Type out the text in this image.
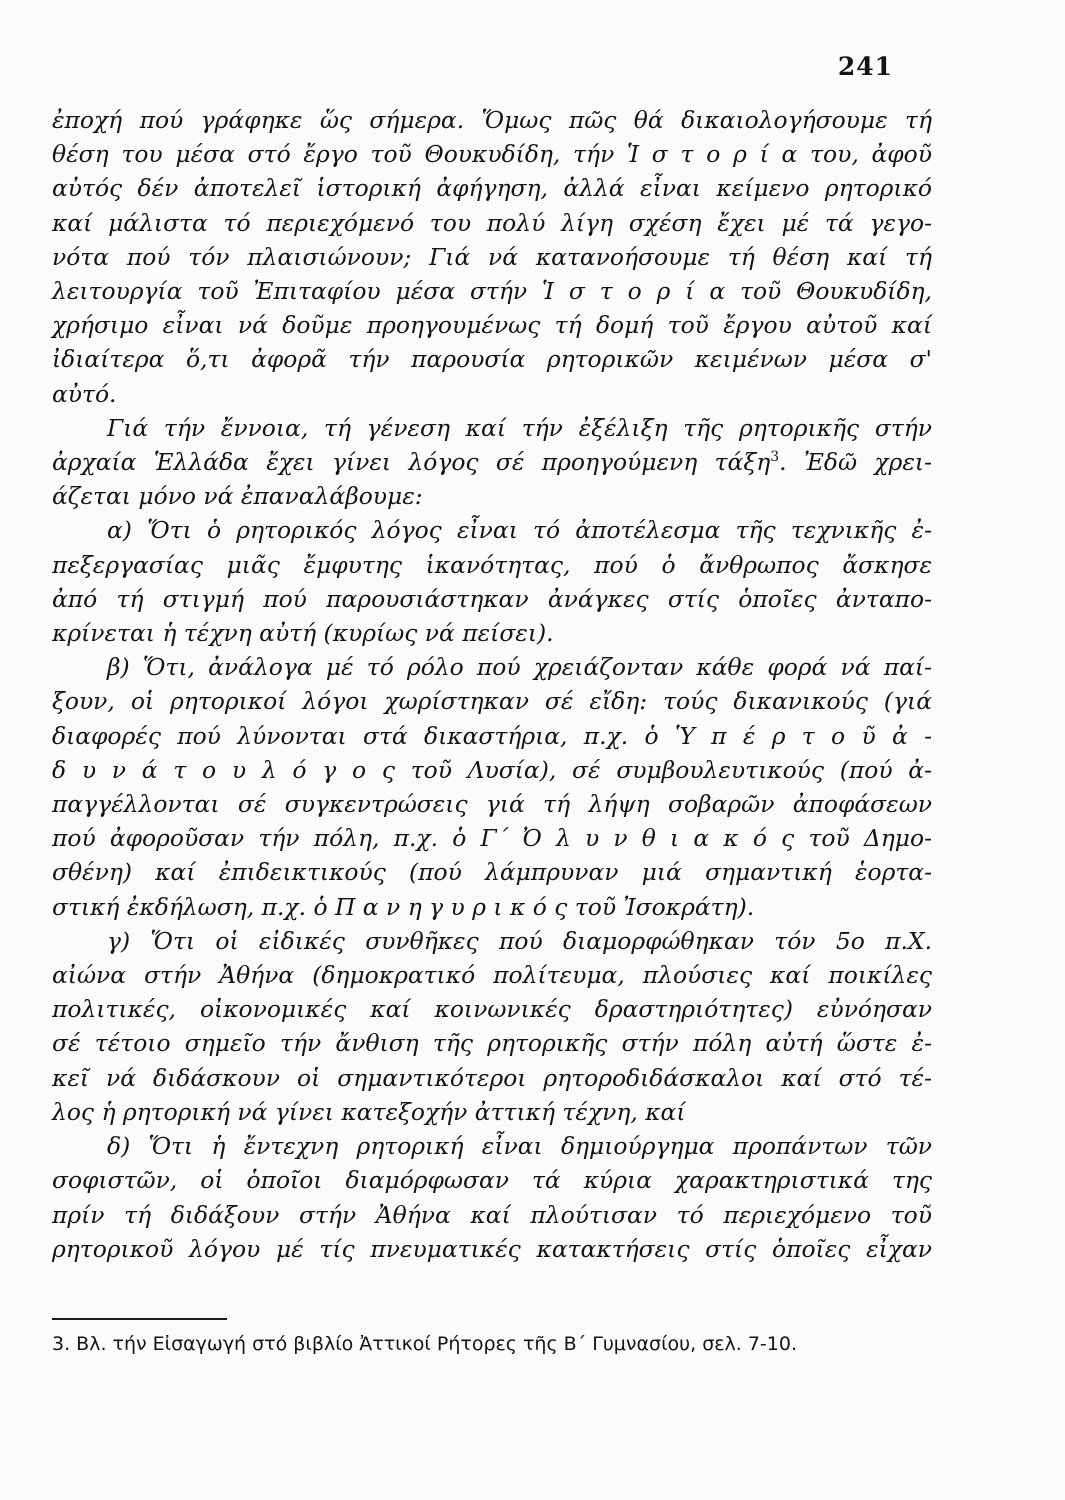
241
ἐποχή πού γράφηκε ὥς σήμερα. Ὅμως πῶς θά δικαιολογήσουμε τή
θέση του μέσα στό ἔργο τοῦ Θουκυδίδη, τήν Ἱ σ τ ο ρ ί α του, ἀφοῦ
αὐτός δέν ἀποτελεῖ ἱστορική ἀφήγηση, ἀλλά εἶναι κείμενο ρητορικό
καί μάλιστα τό περιεχόμενό του πολύ λίγη σχέση ἔχει μέ τά γεγο-
νότα πού τόν πλαισιώνουν; Γιά νά κατανοήσουμε τή θέση καί τή
λειτουργία τοῦ Ἐπιταφίου μέσα στήν Ἱ σ τ ο ρ ί α τοῦ Θουκυδίδη,
χρήσιμο εἶναι νά δοῦμε προηγουμένως τή δομή τοῦ ἔργου αὐτοῦ καί
ἰδιαίτερα ὅ,τι ἀφορᾶ τήν παρουσία ρητορικῶν κειμένων μέσα σ'
αὐτό.
Γιά τήν ἔννοια, τή γένεση καί τήν ἐξέλιξη τῆς ρητορικῆς στήν
ἀρχαία Ἑλλάδα ἔχει γίνει λόγος σέ προηγούμενη τάξη$^3$. Ἐδῶ χρει-
άζεται μόνο νά ἐπαναλάβουμε:
α) Ὅτι ὁ ρητορικός λόγος εἶναι τό ἀποτέλεσμα τῆς τεχνικῆς ἐ-
πεξεργασίας μιᾶς ἔμφυτης ἱκανότητας, πού ὁ ἄνθρωπος ἄσκησε
ἀπό τή στιγμή πού παρουσιάστηκαν ἀνάγκες στίς ὁποῖες ἀνταπο-
κρίνεται ἡ τέχνη αὐτή (κυρίως νά πείσει).
β) Ὅτι, ἀνάλογα μέ τό ρόλο πού χρειάζονταν κάθε φορά νά παί-
ξουν, οἱ ρητορικοί λόγοι χωρίστηκαν σέ εἴδη: τούς δικανικούς (γιά
διαφορές πού λύνονται στά δικαστήρια, π.χ. ὁ Ὑ π έ ρ τ ο ῦ ἀ -
δ υ ν ά τ ο υ λ ό γ ο ς τοῦ Λυσία), σέ συμβουλευτικούς (πού ἀ-
παγγέλλονται σέ συγκεντρώσεις γιά τή λήψη σοβαρῶν ἀποφάσεων
πού ἀφοροῦσαν τήν πόλη, π.χ. ὁ Γ΄ Ὀ λ υ ν θ ι α κ ό ς τοῦ Δημο-
σθένη) καί ἐπιδεικτικούς (πού λάμπρυναν μιά σημαντική ἑορτα-
στική ἐκδήλωση, π.χ. ὁ Π α ν η γ υ ρ ι κ ό ς τοῦ Ἰσοκράτη).
γ) Ὅτι οἱ εἰδικές συνθῆκες πού διαμορφώθηκαν τόν 5ο π.Χ.
αἰώνα στήν Ἀθήνα (δημοκρατικό πολίτευμα, πλούσιες καί ποικίλες
πολιτικές, οἰκονομικές καί κοινωνικές δραστηριότητες) εὐνόησαν
σέ τέτοιο σημεῖο τήν ἄνθιση τῆς ρητορικῆς στήν πόλη αὐτή ὥστε ἐ-
κεῖ νά διδάσκουν οἱ σημαντικότεροι ρητοροδιδάσκαλοι καί στό τέ-
λος ἡ ρητορική νά γίνει κατεξοχήν ἀττική τέχνη, καί
δ) Ὅτι ἡ ἔντεχνη ρητορική εἶναι δημιούργημα προπάντων τῶν
σοφιστῶν, οἱ ὁποῖοι διαμόρφωσαν τά κύρια χαρακτηριστικά της
πρίν τή διδάξουν στήν Ἀθήνα καί πλούτισαν τό περιεχόμενο τοῦ
ρητορικοῦ λόγου μέ τίς πνευματικές κατακτήσεις στίς ὁποῖες εἶχαν
3. Βλ. τήν Εἰσαγωγή στό βιβλίο Ἀττικοί Ρήτορες τῆς Β΄ Γυμνασίου, σελ. 7-10.
